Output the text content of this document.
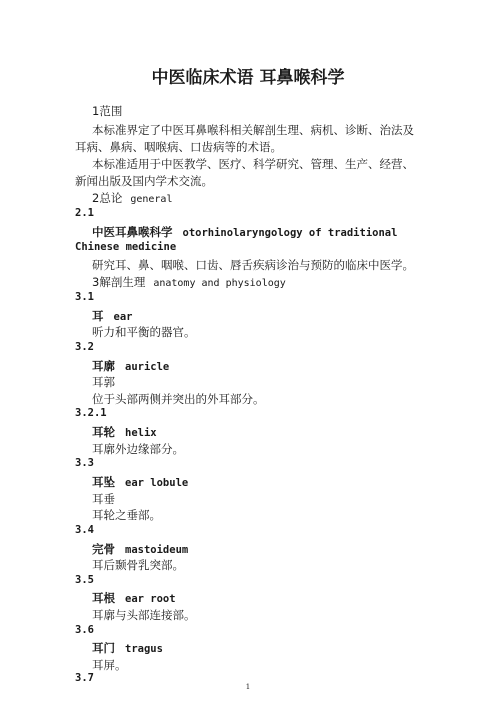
中医临床术语 耳鼻喉科学
1范围
本标准界定了中医耳鼻喉科相关解剖生理、病机、诊断、治法及
耳病、鼻病、咽喉病、口齿病等的术语。
本标准适用于中医教学、医疗、科学研究、管理、生产、经营、
新闻出版及国内学术交流。
2总论 general
2.1
中医耳鼻喉科学 otorhinolaryngology of traditional
Chinese medicine
研究耳、鼻、咽喉、口齿、唇舌疾病诊治与预防的临床中医学。
3解剖生理 anatomy and physiology
3.1
耳 ear
听力和平衡的器官。
3.2
耳廓 auricle
耳郭
位于头部两侧并突出的外耳部分。
3.2.1
耳轮 helix
耳廓外边缘部分。
3.3
耳坠 ear lobule
耳垂
耳轮之垂部。
3.4
完骨 mastoideum
耳后颞骨乳突部。
3.5
耳根 ear root
耳廓与头部连接部。
3.6
耳门 tragus
耳屏。
3.7
1
